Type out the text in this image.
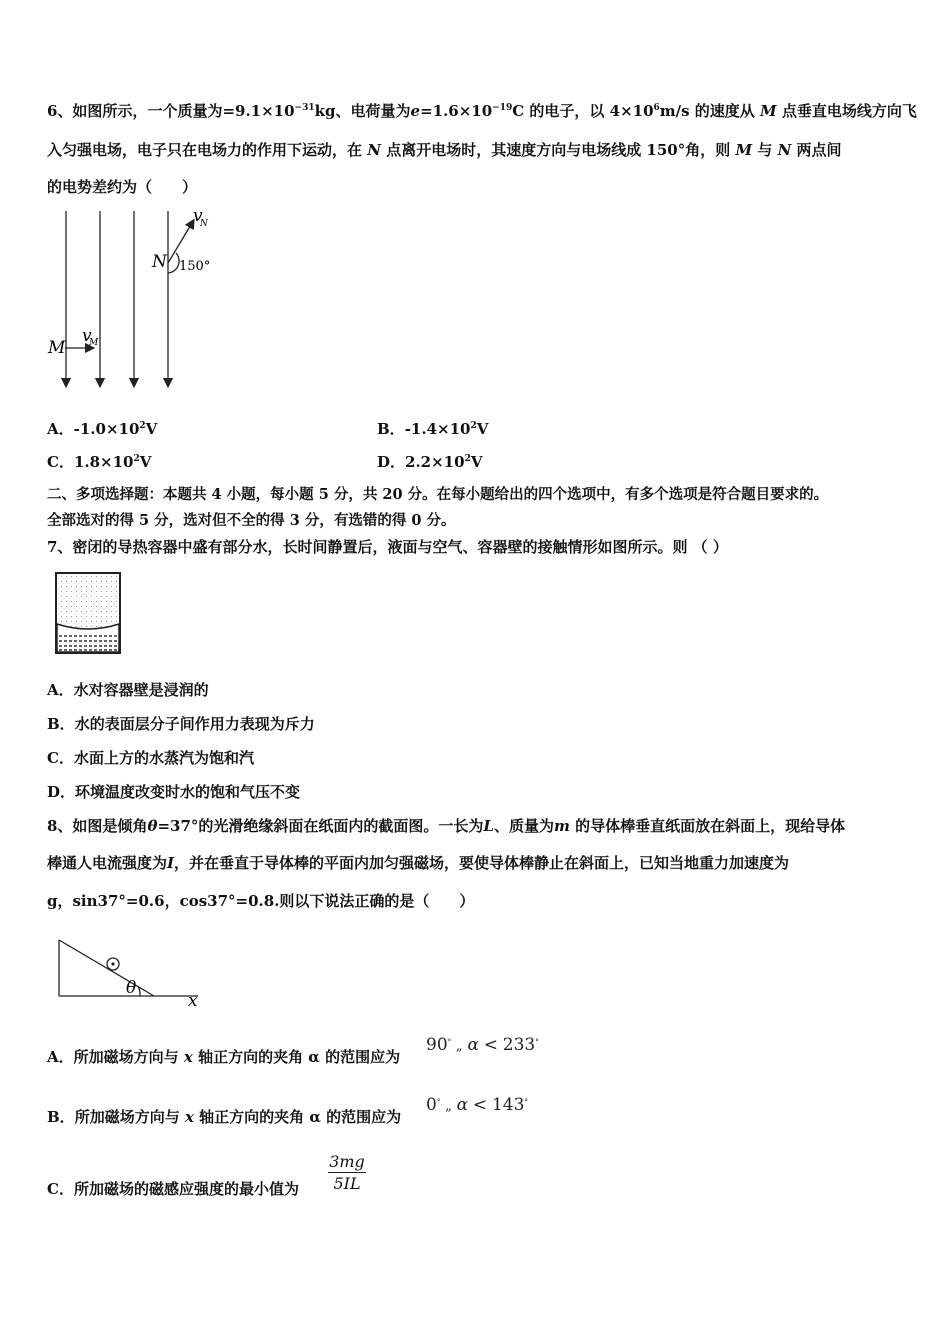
6、如图所示，一个质量为$=9.1\times 10^{-31}kg$、电荷量为$e=1.6\times 10^{-19}C$ 的电子，以 $4\times 10^6m/s$ 的速度从 M 点垂直电场线方向飞
入匀强电场，电子只在电场力的作用下运动，在 N 点离开电场时，其速度方向与电场线成 150°角，则 M 与 N 两点间
的电势差约为（　　）
v
N
N 150°
M
v
M
A．$-1.0\times 10^2V$	B．$-1.4\times 10^2V$
C．$1.8\times 10^2V$	D．$2.2\times 10^2V$
二、多项选择题：本题共 4 小题，每小题 5 分，共 20 分。在每小题给出的四个选项中，有多个选项是符合题目要求的。
全部选对的得 5 分，选对但不全的得 3 分，有选错的得 0 分。
7、密闭的导热容器中盛有部分水，长时间静置后，液面与空气、容器壁的接触情形如图所示。则 （ ）
A．水对容器壁是浸润的
B．水的表面层分子间作用力表现为斥力
C．水面上方的水蒸汽为饱和汽
D．环境温度改变时水的饱和气压不变
8、如图是倾角θ=37°的光滑绝缘斜面在纸面内的截面图。一长为L、质量为m 的导体棒垂直纸面放在斜面上，现给导体
棒通人电流强度为I，并在垂直于导体棒的平面内加匀强磁场，要使导体棒静止在斜面上，已知当地重力加速度为
g，sin37°=0.6，cos37°=0.8.则以下说法正确的是（　　）
θ
x
A．所加磁场方向与 x 轴正方向的夹角 α 的范围应为
90° „ α < 233°
B．所加磁场方向与 x 轴正方向的夹角 α 的范围应为
0° „ α < 143°
C．所加磁场的磁感应强度的最小值为 $\frac{3mg}{5IL}$
